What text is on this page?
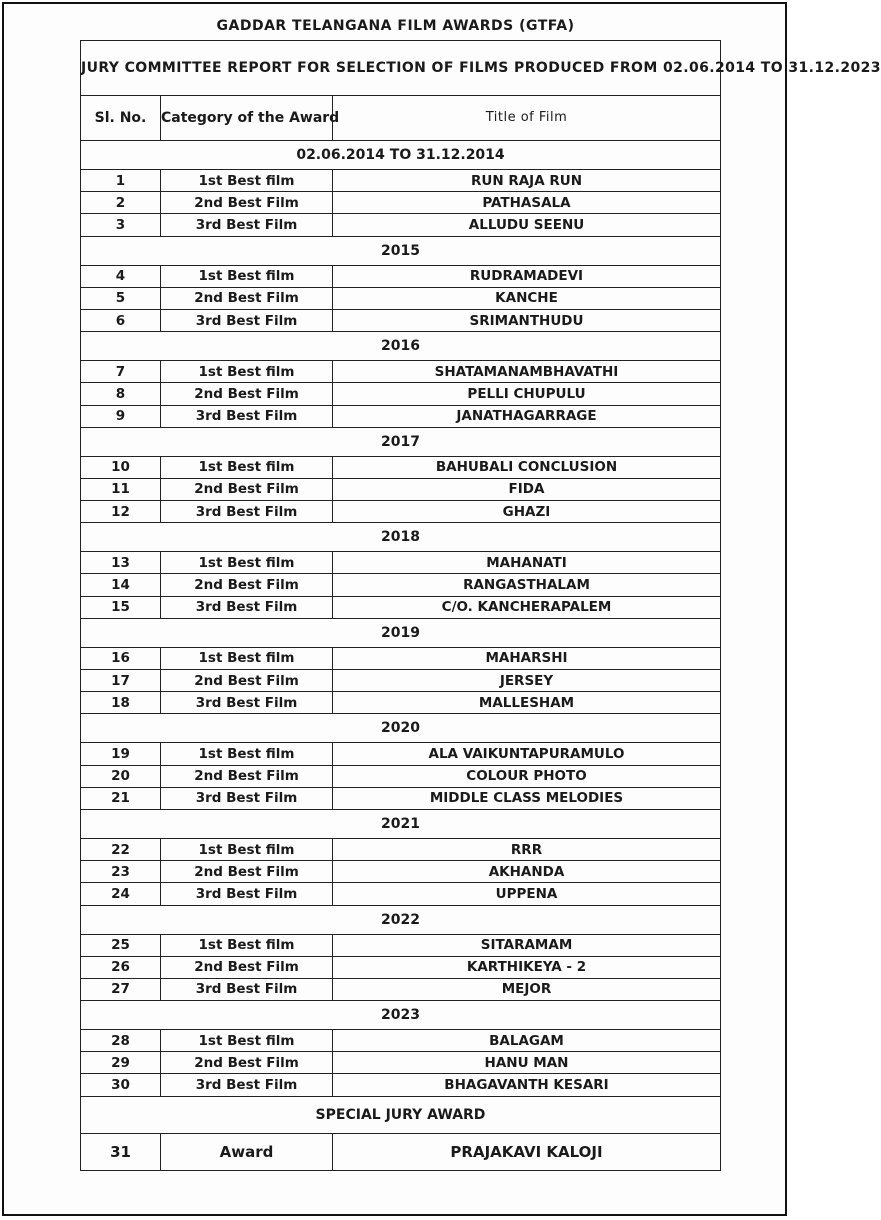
GADDAR TELANGANA FILM AWARDS (GTFA)
JURY COMMITTEE REPORT FOR SELECTION OF FILMS PRODUCED FROM 02.06.2014 TO 31.12.2023		
Sl. No.	Category of the Award	Title of Film
02.06.2014 TO 31.12.2014		
1	1st Best film	RUN RAJA RUN
2	2nd Best Film	PATHASALA
3	3rd Best Film	ALLUDU SEENU
2015		
4	1st Best film	RUDRAMADEVI
5	2nd Best Film	KANCHE
6	3rd Best Film	SRIMANTHUDU
2016		
7	1st Best film	SHATAMANAMBHAVATHI
8	2nd Best Film	PELLI CHUPULU
9	3rd Best Film	JANATHAGARRAGE
2017		
10	1st Best film	BAHUBALI CONCLUSION
11	2nd Best Film	FIDA
12	3rd Best Film	GHAZI
2018		
13	1st Best film	MAHANATI
14	2nd Best Film	RANGASTHALAM
15	3rd Best Film	C/O. KANCHERAPALEM
2019		
16	1st Best film	MAHARSHI
17	2nd Best Film	JERSEY
18	3rd Best Film	MALLESHAM
2020		
19	1st Best film	ALA VAIKUNTAPURAMULO
20	2nd Best Film	COLOUR PHOTO
21	3rd Best Film	MIDDLE CLASS MELODIES
2021		
22	1st Best film	RRR
23	2nd Best Film	AKHANDA
24	3rd Best Film	UPPENA
2022		
25	1st Best film	SITARAMAM
26	2nd Best Film	KARTHIKEYA - 2
27	3rd Best Film	MEJOR
2023		
28	1st Best film	BALAGAM
29	2nd Best Film	HANU MAN
30	3rd Best Film	BHAGAVANTH KESARI
SPECIAL JURY AWARD		
31	Award	PRAJAKAVI KALOJI
